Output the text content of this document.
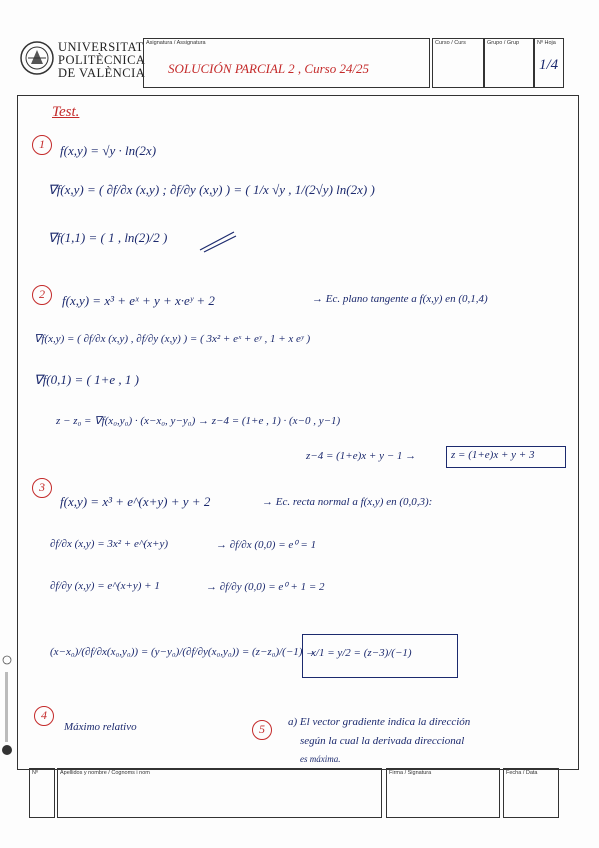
UNIVERSITAT
POLITÈCNICA
DE VALÈNCIA
Asignatura / Assignatura
SOLUCIÓN PARCIAL 2 , Curso 24/25
Curso / Curs	Grupo / Grup	Nº Hoja
1/4
Test.
1	f(x,y) = √y · ln(2x)
∇f(x,y) = ( ∂f/∂x (x,y) ; ∂f/∂y (x,y) ) = ( 1/x √y , 1/(2√y) ln(2x) )
∇f(1,1) = ( 1 , ln(2)/2 )
2	f(x,y) = x³ + eˣ + y + x·eʸ + 2	→ Ec. plano tangente a f(x,y) en (0,1,4)
∇f(x,y) = ( ∂f/∂x (x,y) , ∂f/∂y (x,y) ) = ( 3x² + eˣ + eʸ , 1 + x eʸ )
∇f(0,1) = ( 1+e , 1 )
z − z₀ = ∇f(x₀,y₀) · (x−x₀, y−y₀) → z−4 = (1+e , 1) · (x−0 , y−1)
z−4 = (1+e)x + y − 1 →	z = (1+e)x + y + 3
3
f(x,y) = x³ + e^(x+y) + y + 2	→ Ec. recta normal a f(x,y) en (0,0,3):
∂f/∂x (x,y) = 3x² + e^(x+y)	→ ∂f/∂x (0,0) = e⁰ = 1
∂f/∂y (x,y) = e^(x+y) + 1	→ ∂f/∂y (0,0) = e⁰ + 1 = 2
(x−x₀)/(∂f/∂x(x₀,y₀)) = (y−y₀)/(∂f/∂y(x₀,y₀)) = (z−z₀)/(−1) →
x/1 = y/2 = (z−3)/(−1)
4
Máximo relativo	5	a) El vector gradiente indica la dirección
según la cual la derivada direccional
es máxima.
Nº	Apellidos y nombre / Cognoms i nom	Firma / Signatura	Fecha / Data
